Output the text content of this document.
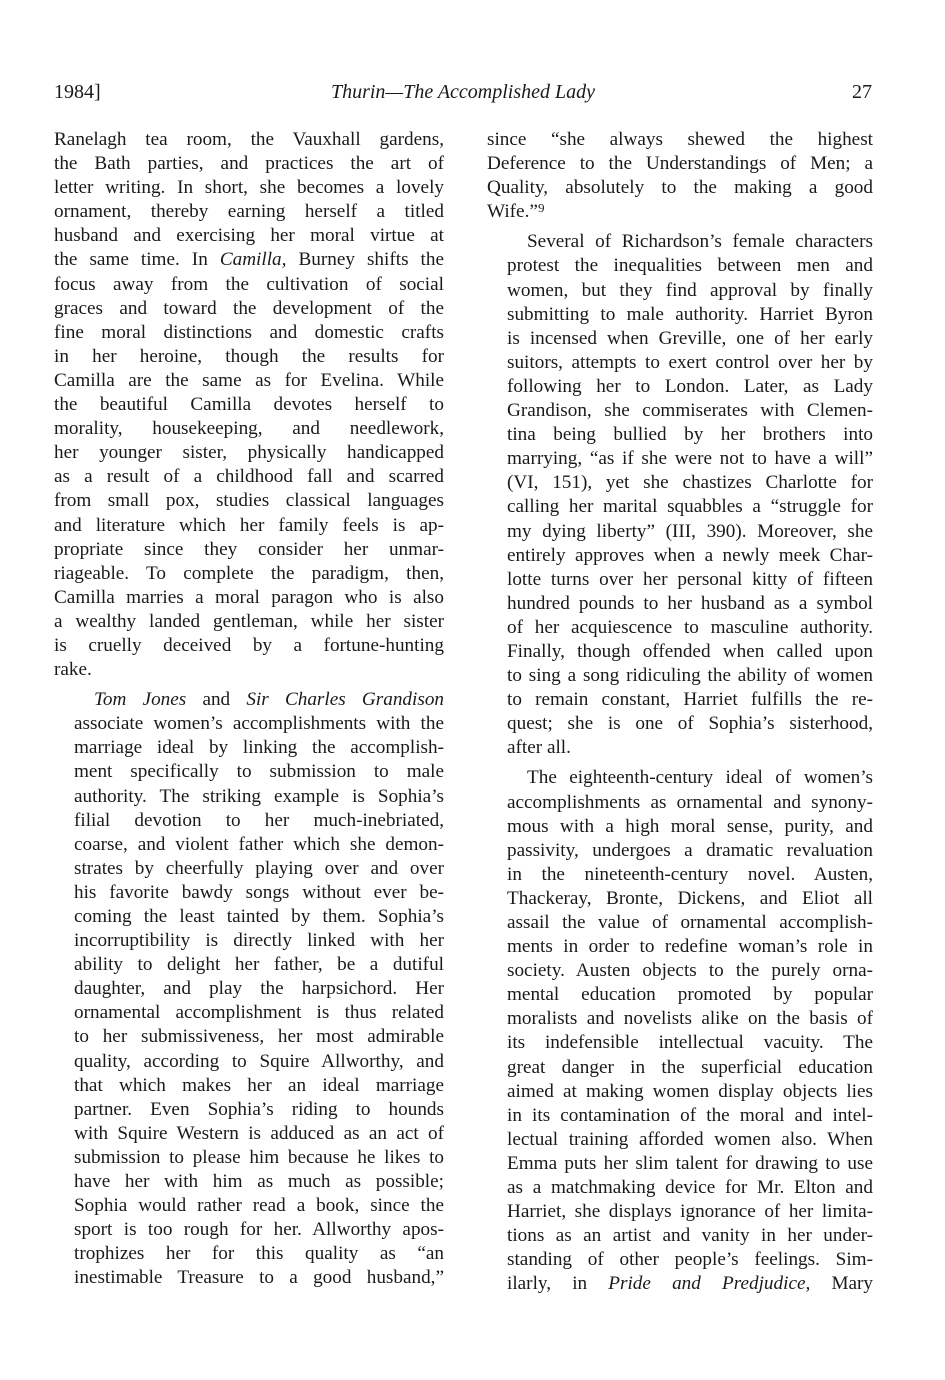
1984]	Thurin—The Accomplished Lady	27

Ranelagh tea room, the Vauxhall gardens,
the Bath parties, and practices the art of
letter writing. In short, she becomes a lovely
ornament, thereby earning herself a titled
husband and exercising her moral virtue at
the same time. In Camilla, Burney shifts the
focus away from the cultivation of social
graces and toward the development of the
fine moral distinctions and domestic crafts
in her heroine, though the results for
Camilla are the same as for Evelina. While
the beautiful Camilla devotes herself to
morality, housekeeping, and needlework,
her younger sister, physically handicapped
as a result of a childhood fall and scarred
from small pox, studies classical languages
and literature which her family feels is ap-
propriate since they consider her unmar-
riageable. To complete the paradigm, then,
Camilla marries a moral paragon who is also
a wealthy landed gentleman, while her sister
is cruelly deceived by a fortune-hunting
rake.

Tom Jones and Sir Charles Grandison
associate women’s accomplishments with the
marriage ideal by linking the accomplish-
ment specifically to submission to male
authority. The striking example is Sophia’s
filial devotion to her much-inebriated,
coarse, and violent father which she demon-
strates by cheerfully playing over and over
his favorite bawdy songs without ever be-
coming the least tainted by them. Sophia’s
incorruptibility is directly linked with her
ability to delight her father, be a dutiful
daughter, and play the harpsichord. Her
ornamental accomplishment is thus related
to her submissiveness, her most admirable
quality, according to Squire Allworthy, and
that which makes her an ideal marriage
partner. Even Sophia’s riding to hounds
with Squire Western is adduced as an act of
submission to please him because he likes to
have her with him as much as possible;
Sophia would rather read a book, since the
sport is too rough for her. Allworthy apos-
trophizes her for this quality as “an
inestimable Treasure to a good husband,”

since “she always shewed the highest
Deference to the Understandings of Men; a
Quality, absolutely to the making a good
Wife.”⁹

Several of Richardson’s female characters
protest the inequalities between men and
women, but they find approval by finally
submitting to male authority. Harriet Byron
is incensed when Greville, one of her early
suitors, attempts to exert control over her by
following her to London. Later, as Lady
Grandison, she commiserates with Clemen-
tina being bullied by her brothers into
marrying, “as if she were not to have a will”
(VI, 151), yet she chastizes Charlotte for
calling her marital squabbles a “struggle for
my dying liberty” (III, 390). Moreover, she
entirely approves when a newly meek Char-
lotte turns over her personal kitty of fifteen
hundred pounds to her husband as a symbol
of her acquiescence to masculine authority.
Finally, though offended when called upon
to sing a song ridiculing the ability of women
to remain constant, Harriet fulfills the re-
quest; she is one of Sophia’s sisterhood,
after all.

The eighteenth-century ideal of women’s
accomplishments as ornamental and synony-
mous with a high moral sense, purity, and
passivity, undergoes a dramatic revaluation
in the nineteenth-century novel. Austen,
Thackeray, Bronte, Dickens, and Eliot all
assail the value of ornamental accomplish-
ments in order to redefine woman’s role in
society. Austen objects to the purely orna-
mental education promoted by popular
moralists and novelists alike on the basis of
its indefensible intellectual vacuity. The
great danger in the superficial education
aimed at making women display objects lies
in its contamination of the moral and intel-
lectual training afforded women also. When
Emma puts her slim talent for drawing to use
as a matchmaking device for Mr. Elton and
Harriet, she displays ignorance of her limita-
tions as an artist and vanity in her under-
standing of other people’s feelings. Sim-
ilarly, in Pride and Predjudice, Mary
